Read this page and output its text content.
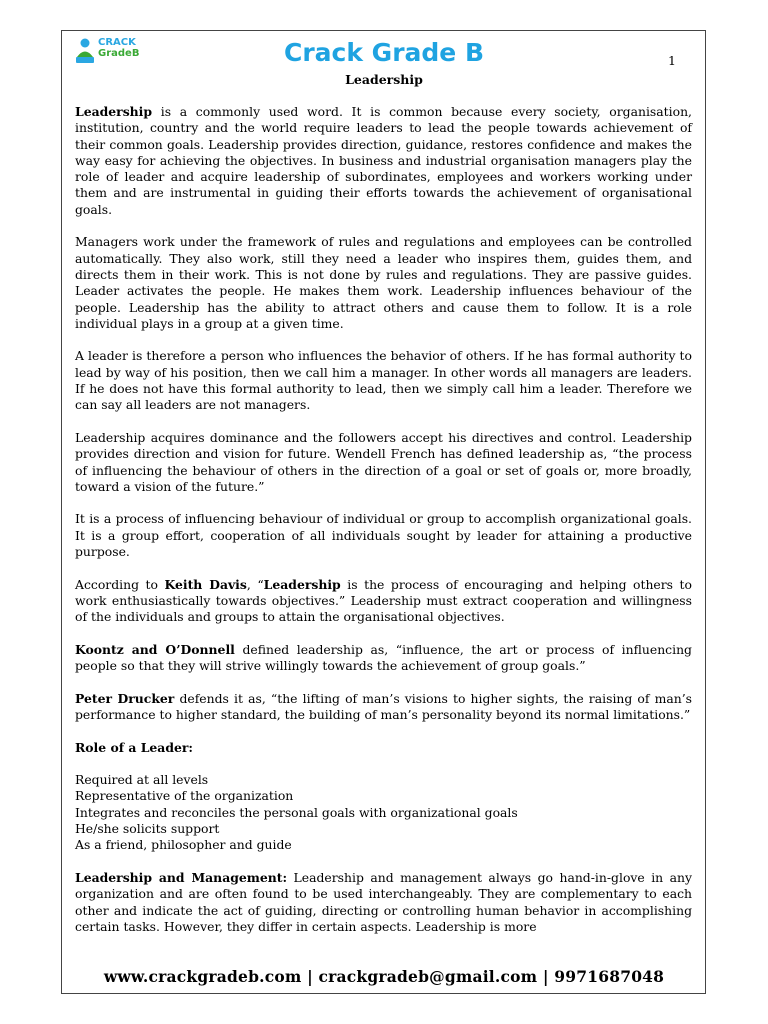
CRACK
GradeB	Crack Grade B
Leadership
1

Leadership is a commonly used word. It is common because every society, organisation, institution, country and the world require leaders to lead the people towards achievement of their common goals. Leadership provides direction, guidance, restores confidence and makes the way easy for achieving the objectives. In business and industrial organisation managers play the role of leader and acquire leadership of subordinates, employees and workers working under them and are instrumental in guiding their efforts towards the achievement of organisational goals.

Managers work under the framework of rules and regulations and employees can be controlled automatically. They also work, still they need a leader who inspires them, guides them, and directs them in their work. This is not done by rules and regulations. They are passive guides. Leader activates the people. He makes them work. Leadership influences behaviour of the people. Leadership has the ability to attract others and cause them to follow. It is a role individual plays in a group at a given time.

A leader is therefore a person who influences the behavior of others. If he has formal authority to lead by way of his position, then we call him a manager. In other words all managers are leaders. If he does not have this formal authority to lead, then we simply call him a leader. Therefore we can say all leaders are not managers.

Leadership acquires dominance and the followers accept his directives and control. Leadership provides direction and vision for future. Wendell French has defined leadership as, “the process of influencing the behaviour of others in the direction of a goal or set of goals or, more broadly, toward a vision of the future.”

It is a process of influencing behaviour of individual or group to accomplish organizational goals. It is a group effort, cooperation of all individuals sought by leader for attaining a productive purpose.

According to Keith Davis, “Leadership is the process of encouraging and helping others to work enthusiastically towards objectives.” Leadership must extract cooperation and willingness of the individuals and groups to attain the organisational objectives.

Koontz and O’Donnell defined leadership as, “influence, the art or process of influencing people so that they will strive willingly towards the achievement of group goals.”

Peter Drucker defends it as, “the lifting of man’s visions to higher sights, the raising of man’s performance to higher standard, the building of man’s personality beyond its normal limitations.”

Role of a Leader:
Required at all levels
Representative of the organization
Integrates and reconciles the personal goals with organizational goals
He/she solicits support
As a friend, philosopher and guide

Leadership and Management: Leadership and management always go hand-in-glove in any organization and are often found to be used interchangeably. They are complementary to each other and indicate the act of guiding, directing or controlling human behavior in accomplishing certain tasks. However, they differ in certain aspects. Leadership is more

www.crackgradeb.com | crackgradeb@gmail.com | 9971687048
